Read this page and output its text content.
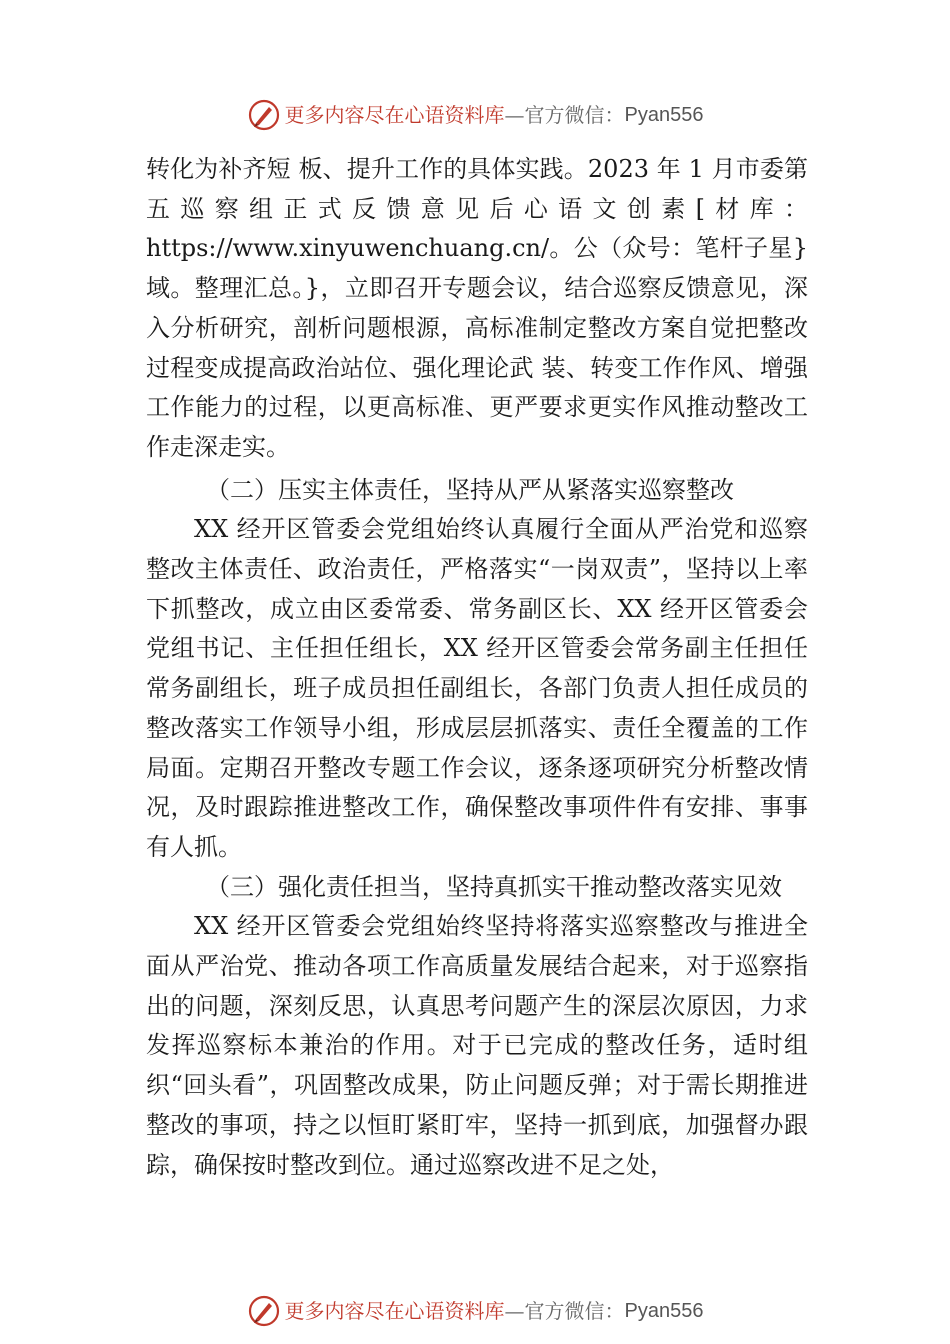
更多内容尽在心语资料库 —官方微信： Pyan556

转化为补齐短 板、提升工作的具体实践。2023 年 1 月市委第五巡察组正式反馈意见后心语文创素[材库：https://www.xinyuwenchuang.cn/。公（众号：笔杆子星}域。整理汇总。}，立即召开专题会议，结合巡察反馈意见，深入分析研究，剖析问题根源，高标准制定整改方案自觉把整改过程变成提高政治站位、强化理论武 装、转变工作作风、增强工作能力的过程，以更高标准、更严要求更实作风推动整改工作走深走实。

（二）压实主体责任，坚持从严从紧落实巡察整改

XX 经开区管委会党组始终认真履行全面从严治党和巡察整改主体责任、政治责任，严格落实“一岗双责”，坚持以上率下抓整改，成立由区委常委、常务副区长、XX 经开区管委会党组书记、主任担任组长，XX 经开区管委会常务副主任担任常务副组长，班子成员担任副组长，各部门负责人担任成员的整改落实工作领导小组，形成层层抓落实、责任全覆盖的工作局面。定期召开整改专题工作会议，逐条逐项研究分析整改情况，及时跟踪推进整改工作，确保整改事项件件有安排、事事有人抓。

（三）强化责任担当，坚持真抓实干推动整改落实见效

XX 经开区管委会党组始终坚持将落实巡察整改与推进全面从严治党、推动各项工作高质量发展结合起来，对于巡察指出的问题，深刻反思，认真思考问题产生的深层次原因，力求发挥巡察标本兼治的作用。对于已完成的整改任务，适时组织“回头看”，巩固整改成果，防止问题反弹；对于需长期推进整改的事项，持之以恒盯紧盯牢，坚持一抓到底，加强督办跟踪，确保按时整改到位。通过巡察改进不足之处，

更多内容尽在心语资料库 —官方微信： Pyan556
